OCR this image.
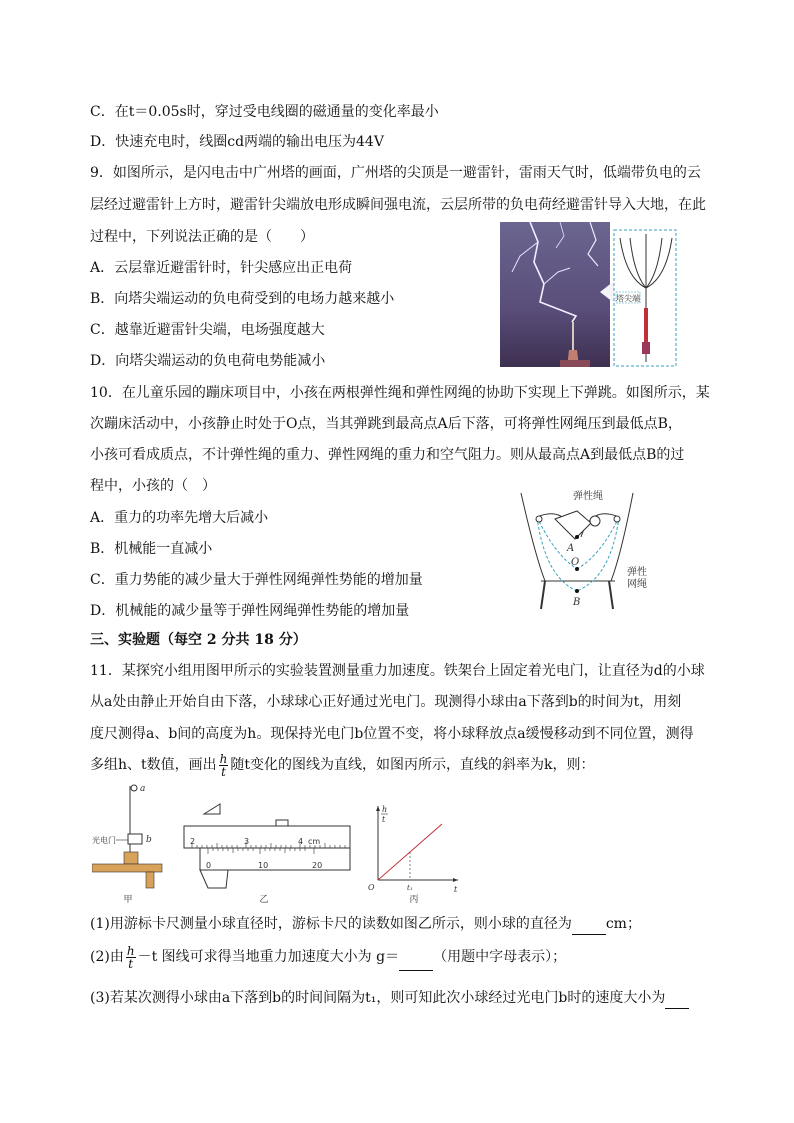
C．在t＝0.05s时，穿过受电线圈的磁通量的变化率最小
D．快速充电时，线圈cd两端的输出电压为44V
9．如图所示，是闪电击中广州塔的画面，广州塔的尖顶是一避雷针，雷雨天气时，低端带负电的云
层经过避雷针上方时，避雷针尖端放电形成瞬间强电流，云层所带的负电荷经避雷针导入大地，在此
过程中，下列说法正确的是（　　）
A．云层靠近避雷针时，针尖感应出正电荷
B．向塔尖端运动的负电荷受到的电场力越来越小
C．越靠近避雷针尖端，电场强度越大
D．向塔尖端运动的负电荷电势能减小
塔尖端
10．在儿童乐园的蹦床项目中，小孩在两根弹性绳和弹性网绳的协助下实现上下弹跳。如图所示，某
次蹦床活动中，小孩静止时处于O点，当其弹跳到最高点A后下落，可将弹性网绳压到最低点B，
小孩可看成质点，不计弹性绳的重力、弹性网绳的重力和空气阻力。则从最高点A到最低点B的过
程中，小孩的（　）
A．重力的功率先增大后减小
B．机械能一直减小
C．重力势能的减少量大于弹性网绳弹性势能的增加量
D．机械能的减少量等于弹性网绳弹性势能的增加量
弹性绳
A
O
B
弹性
网绳
三、实验题（每空 2 分共 18 分）
11．某探究小组用图甲所示的实验装置测量重力加速度。铁架台上固定着光电门，让直径为d的小球
从a处由静止开始自由下落，小球球心正好通过光电门。现测得小球由a下落到b的时间为t，用刻
度尺测得a、b间的高度为h。现保持光电门b位置不变，将小球释放点a缓慢移动到不同位置，测得
多组h、t数值，画出 $\frac{h}{t}$ 随t变化的图线为直线，如图丙所示，直线的斜率为k，则：
a
b
光电门
甲
2	3	4 cm
0	10	20
乙
h
t
t
O	t₁
丙
(1)用游标卡尺测量小球直径时，游标卡尺的读数如图乙所示，则小球的直径为 cm；
(2)由 $\frac{h}{t} -t$ 图线可求得当地重力加速度大小为 g＝ （用题中字母表示）；
(3)若某次测得小球由a下落到b的时间间隔为t₁，则可知此次小球经过光电门b时的速度大小为
